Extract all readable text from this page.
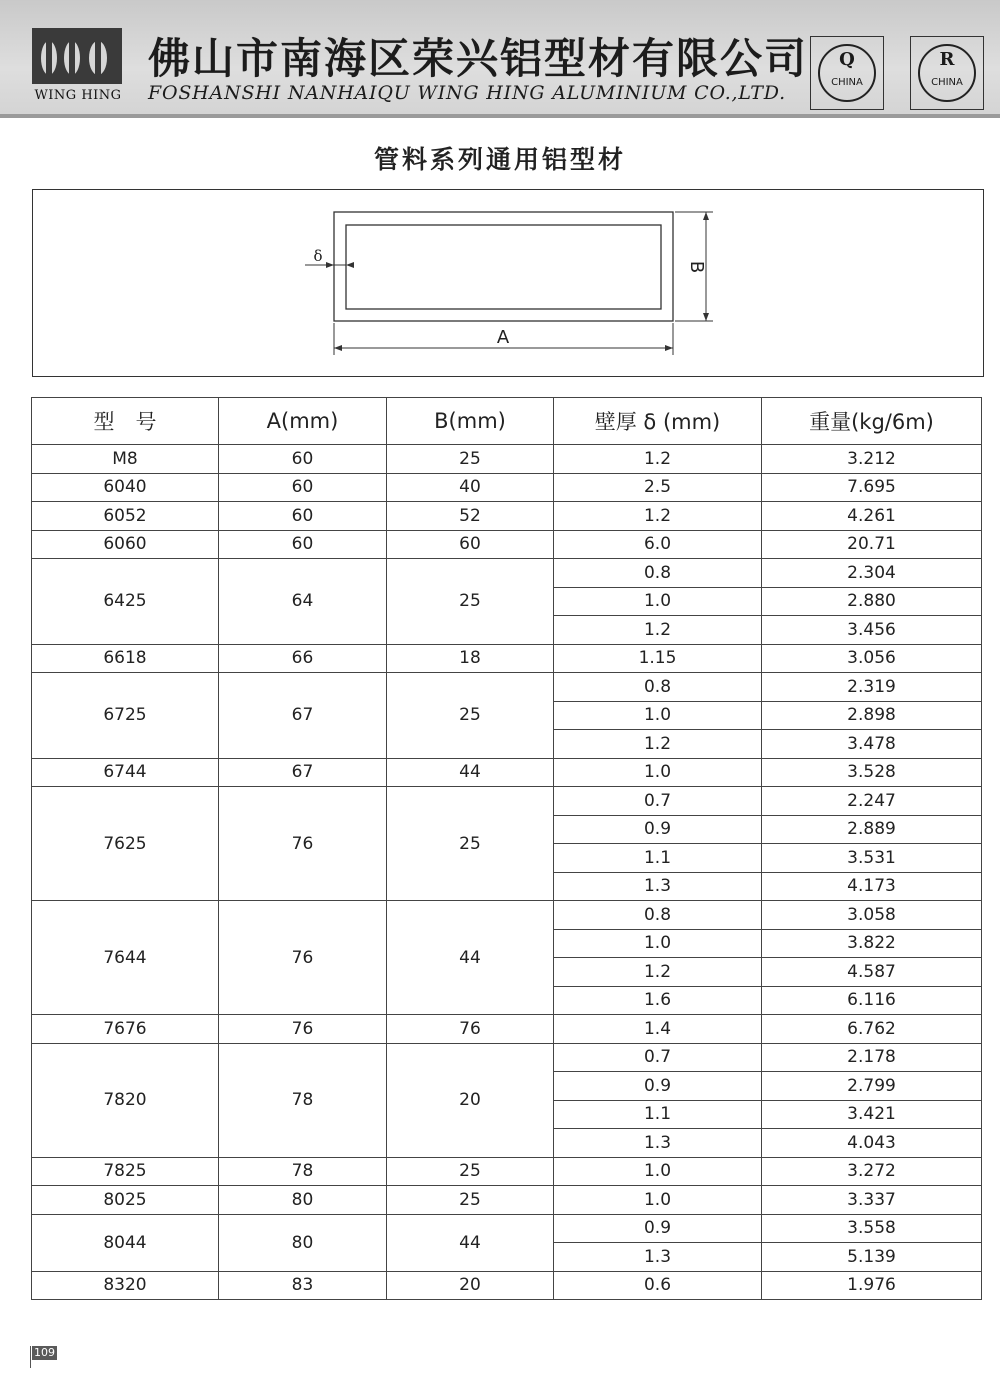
WING HING
佛山市南海区荣兴铝型材有限公司
FOSHANSHI NANHAIQU WING HING ALUMINIUM CO.,LTD.
Q
CHINA
R
CHINA
管料系列通用铝型材
A
B
δ
型　号	A(mm)	B(mm)	壁厚 δ (mm)	重量(kg/6m)
M8	60	25	1.2	3.212
6040	60	40	2.5	7.695
6052	60	52	1.2	4.261
6060	60	60	6.0	20.71
6425	64	25	0.8	2.304
			1.0	2.880
			1.2	3.456
6618	66	18	1.15	3.056
6725	67	25	0.8	2.319
			1.0	2.898
			1.2	3.478
6744	67	44	1.0	3.528
7625	76	25	0.7	2.247
			0.9	2.889
			1.1	3.531
			1.3	4.173
7644	76	44	0.8	3.058
			1.0	3.822
			1.2	4.587
			1.6	6.116
7676	76	76	1.4	6.762
7820	78	20	0.7	2.178
			0.9	2.799
			1.1	3.421
			1.3	4.043
7825	78	25	1.0	3.272
8025	80	25	1.0	3.337
8044	80	44	0.9	3.558
			1.3	5.139
8320	83	20	0.6	1.976
109
